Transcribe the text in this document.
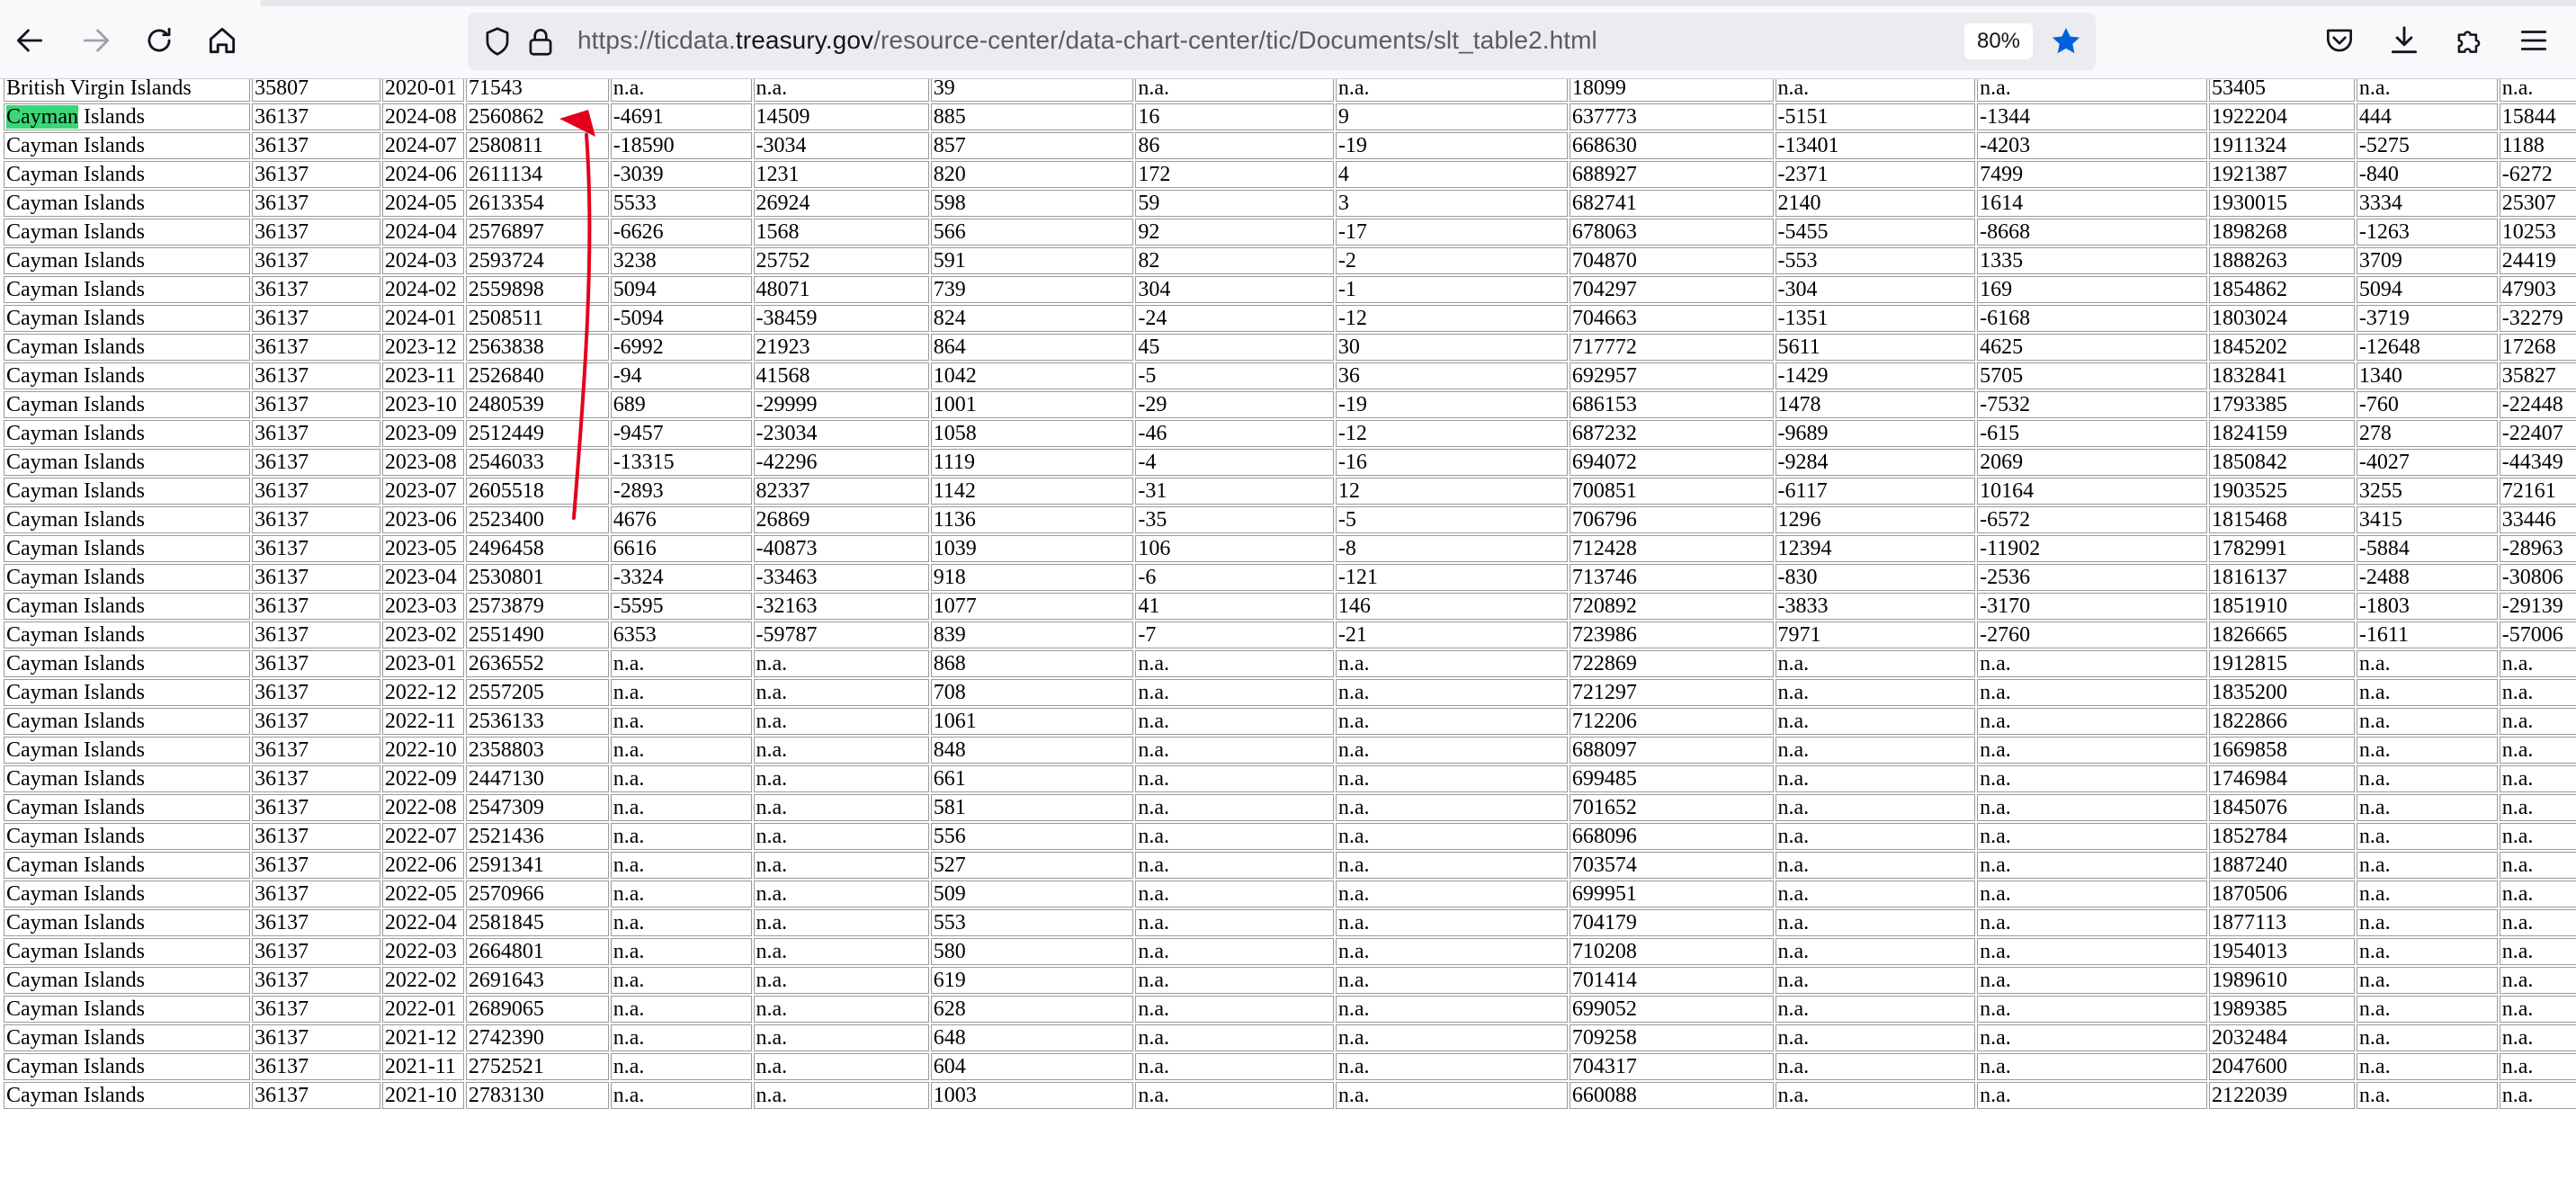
https://ticdata.treasury.gov/resource-center/data-chart-center/tic/Documents/slt_table2.html	80%
British Virgin Islands	35807	2020-01	71543	n.a.	n.a.	39	n.a.	n.a.	18099	n.a.	n.a.	53405	n.a.	n.a.
Cayman Islands	36137	2024-08	2560862	-4691	14509	885	16	9	637773	-5151	-1344	1922204	444	15844
Cayman Islands	36137	2024-07	2580811	-18590	-3034	857	86	-19	668630	-13401	-4203	1911324	-5275	1188
Cayman Islands	36137	2024-06	2611134	-3039	1231	820	172	4	688927	-2371	7499	1921387	-840	-6272
Cayman Islands	36137	2024-05	2613354	5533	26924	598	59	3	682741	2140	1614	1930015	3334	25307
Cayman Islands	36137	2024-04	2576897	-6626	1568	566	92	-17	678063	-5455	-8668	1898268	-1263	10253
Cayman Islands	36137	2024-03	2593724	3238	25752	591	82	-2	704870	-553	1335	1888263	3709	24419
Cayman Islands	36137	2024-02	2559898	5094	48071	739	304	-1	704297	-304	169	1854862	5094	47903
Cayman Islands	36137	2024-01	2508511	-5094	-38459	824	-24	-12	704663	-1351	-6168	1803024	-3719	-32279
Cayman Islands	36137	2023-12	2563838	-6992	21923	864	45	30	717772	5611	4625	1845202	-12648	17268
Cayman Islands	36137	2023-11	2526840	-94	41568	1042	-5	36	692957	-1429	5705	1832841	1340	35827
Cayman Islands	36137	2023-10	2480539	689	-29999	1001	-29	-19	686153	1478	-7532	1793385	-760	-22448
Cayman Islands	36137	2023-09	2512449	-9457	-23034	1058	-46	-12	687232	-9689	-615	1824159	278	-22407
Cayman Islands	36137	2023-08	2546033	-13315	-42296	1119	-4	-16	694072	-9284	2069	1850842	-4027	-44349
Cayman Islands	36137	2023-07	2605518	-2893	82337	1142	-31	12	700851	-6117	10164	1903525	3255	72161
Cayman Islands	36137	2023-06	2523400	4676	26869	1136	-35	-5	706796	1296	-6572	1815468	3415	33446
Cayman Islands	36137	2023-05	2496458	6616	-40873	1039	106	-8	712428	12394	-11902	1782991	-5884	-28963
Cayman Islands	36137	2023-04	2530801	-3324	-33463	918	-6	-121	713746	-830	-2536	1816137	-2488	-30806
Cayman Islands	36137	2023-03	2573879	-5595	-32163	1077	41	146	720892	-3833	-3170	1851910	-1803	-29139
Cayman Islands	36137	2023-02	2551490	6353	-59787	839	-7	-21	723986	7971	-2760	1826665	-1611	-57006
Cayman Islands	36137	2023-01	2636552	n.a.	n.a.	868	n.a.	n.a.	722869	n.a.	n.a.	1912815	n.a.	n.a.
Cayman Islands	36137	2022-12	2557205	n.a.	n.a.	708	n.a.	n.a.	721297	n.a.	n.a.	1835200	n.a.	n.a.
Cayman Islands	36137	2022-11	2536133	n.a.	n.a.	1061	n.a.	n.a.	712206	n.a.	n.a.	1822866	n.a.	n.a.
Cayman Islands	36137	2022-10	2358803	n.a.	n.a.	848	n.a.	n.a.	688097	n.a.	n.a.	1669858	n.a.	n.a.
Cayman Islands	36137	2022-09	2447130	n.a.	n.a.	661	n.a.	n.a.	699485	n.a.	n.a.	1746984	n.a.	n.a.
Cayman Islands	36137	2022-08	2547309	n.a.	n.a.	581	n.a.	n.a.	701652	n.a.	n.a.	1845076	n.a.	n.a.
Cayman Islands	36137	2022-07	2521436	n.a.	n.a.	556	n.a.	n.a.	668096	n.a.	n.a.	1852784	n.a.	n.a.
Cayman Islands	36137	2022-06	2591341	n.a.	n.a.	527	n.a.	n.a.	703574	n.a.	n.a.	1887240	n.a.	n.a.
Cayman Islands	36137	2022-05	2570966	n.a.	n.a.	509	n.a.	n.a.	699951	n.a.	n.a.	1870506	n.a.	n.a.
Cayman Islands	36137	2022-04	2581845	n.a.	n.a.	553	n.a.	n.a.	704179	n.a.	n.a.	1877113	n.a.	n.a.
Cayman Islands	36137	2022-03	2664801	n.a.	n.a.	580	n.a.	n.a.	710208	n.a.	n.a.	1954013	n.a.	n.a.
Cayman Islands	36137	2022-02	2691643	n.a.	n.a.	619	n.a.	n.a.	701414	n.a.	n.a.	1989610	n.a.	n.a.
Cayman Islands	36137	2022-01	2689065	n.a.	n.a.	628	n.a.	n.a.	699052	n.a.	n.a.	1989385	n.a.	n.a.
Cayman Islands	36137	2021-12	2742390	n.a.	n.a.	648	n.a.	n.a.	709258	n.a.	n.a.	2032484	n.a.	n.a.
Cayman Islands	36137	2021-11	2752521	n.a.	n.a.	604	n.a.	n.a.	704317	n.a.	n.a.	2047600	n.a.	n.a.
Cayman Islands	36137	2021-10	2783130	n.a.	n.a.	1003	n.a.	n.a.	660088	n.a.	n.a.	2122039	n.a.	n.a.
